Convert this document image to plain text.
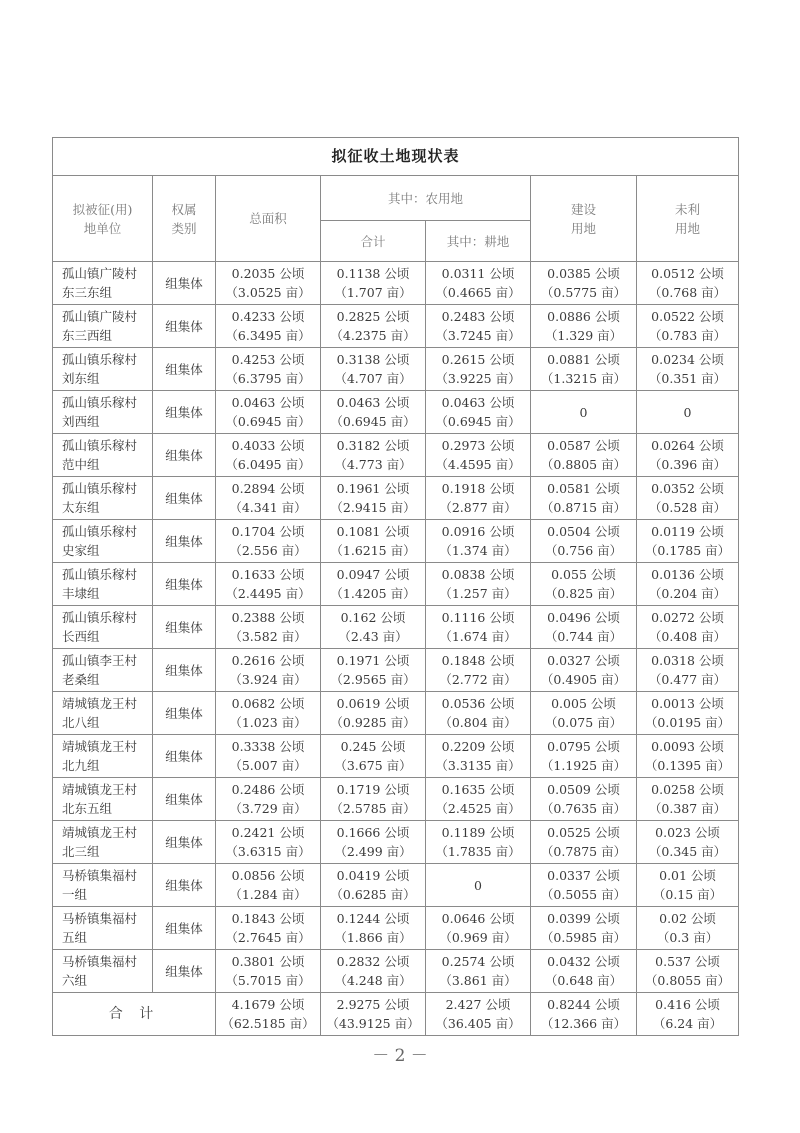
拟征收土地现状表						

拟被征(用)
地单位	权属
类别	总面积	其中：农用地		建设
用地	未利
用地

			合计	其中：耕地		

孤山镇广陵村
东三东组	组集体	0.2035 公顷
（3.0525 亩）	0.1138 公顷
（1.707 亩）	0.0311 公顷
（0.4665 亩）	0.0385 公顷
（0.5775 亩）	0.0512 公顷
（0.768 亩）

孤山镇广陵村
东三西组	组集体	0.4233 公顷
（6.3495 亩）	0.2825 公顷
（4.2375 亩）	0.2483 公顷
（3.7245 亩）	0.0886 公顷
（1.329 亩）	0.0522 公顷
（0.783 亩）

孤山镇乐稼村
刘东组	组集体	0.4253 公顷
（6.3795 亩）	0.3138 公顷
（4.707 亩）	0.2615 公顷
（3.9225 亩）	0.0881 公顷
（1.3215 亩）	0.0234 公顷
（0.351 亩）

孤山镇乐稼村
刘西组	组集体	0.0463 公顷
（0.6945 亩）	0.0463 公顷
（0.6945 亩）	0.0463 公顷
（0.6945 亩）	0	0

孤山镇乐稼村
范中组	组集体	0.4033 公顷
（6.0495 亩）	0.3182 公顷
（4.773 亩）	0.2973 公顷
（4.4595 亩）	0.0587 公顷
（0.8805 亩）	0.0264 公顷
（0.396 亩）

孤山镇乐稼村
太东组	组集体	0.2894 公顷
（4.341 亩）	0.1961 公顷
（2.9415 亩）	0.1918 公顷
（2.877 亩）	0.0581 公顷
（0.8715 亩）	0.0352 公顷
（0.528 亩）

孤山镇乐稼村
史家组	组集体	0.1704 公顷
（2.556 亩）	0.1081 公顷
（1.6215 亩）	0.0916 公顷
（1.374 亩）	0.0504 公顷
（0.756 亩）	0.0119 公顷
（0.1785 亩）

孤山镇乐稼村
丰埭组	组集体	0.1633 公顷
（2.4495 亩）	0.0947 公顷
（1.4205 亩）	0.0838 公顷
（1.257 亩）	0.055 公顷
（0.825 亩）	0.0136 公顷
（0.204 亩）

孤山镇乐稼村
长西组	组集体	0.2388 公顷
（3.582 亩）	0.162 公顷
（2.43 亩）	0.1116 公顷
（1.674 亩）	0.0496 公顷
（0.744 亩）	0.0272 公顷
（0.408 亩）

孤山镇李王村
老桑组	组集体	0.2616 公顷
（3.924 亩）	0.1971 公顷
（2.9565 亩）	0.1848 公顷
（2.772 亩）	0.0327 公顷
（0.4905 亩）	0.0318 公顷
（0.477 亩）

靖城镇龙王村
北八组	组集体	0.0682 公顷
（1.023 亩）	0.0619 公顷
（0.9285 亩）	0.0536 公顷
（0.804 亩）	0.005 公顷
（0.075 亩）	0.0013 公顷
（0.0195 亩）

靖城镇龙王村
北九组	组集体	0.3338 公顷
（5.007 亩）	0.245 公顷
（3.675 亩）	0.2209 公顷
（3.3135 亩）	0.0795 公顷
（1.1925 亩）	0.0093 公顷
（0.1395 亩）

靖城镇龙王村
北东五组	组集体	0.2486 公顷
（3.729 亩）	0.1719 公顷
（2.5785 亩）	0.1635 公顷
（2.4525 亩）	0.0509 公顷
（0.7635 亩）	0.0258 公顷
（0.387 亩）

靖城镇龙王村
北三组	组集体	0.2421 公顷
（3.6315 亩）	0.1666 公顷
（2.499 亩）	0.1189 公顷
（1.7835 亩）	0.0525 公顷
（0.7875 亩）	0.023 公顷
（0.345 亩）

马桥镇集福村
一组	组集体	0.0856 公顷
（1.284 亩）	0.0419 公顷
（0.6285 亩）	0	0.0337 公顷
（0.5055 亩）	0.01 公顷
（0.15 亩）

马桥镇集福村
五组	组集体	0.1843 公顷
（2.7645 亩）	0.1244 公顷
（1.866 亩）	0.0646 公顷
（0.969 亩）	0.0399 公顷
（0.5985 亩）	0.02 公顷
（0.3 亩）

马桥镇集福村
六组	组集体	0.3801 公顷
（5.7015 亩）	0.2832 公顷
（4.248 亩）	0.2574 公顷
（3.861 亩）	0.0432 公顷
（0.648 亩）	0.537 公顷
（0.8055 亩）

合 计		4.1679 公顷
（62.5185 亩）	2.9275 公顷
（43.9125 亩）	2.427 公顷
（36.405 亩）	0.8244 公顷
（12.366 亩）	0.416 公顷
（6.24 亩）
－ 2 －
